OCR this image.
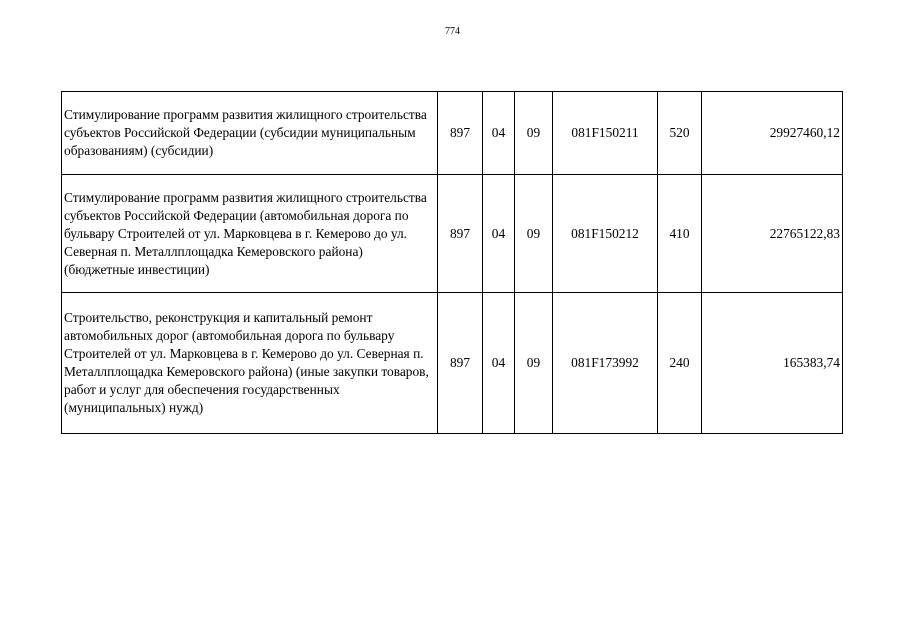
774
Стимулирование программ развития жилищного строительства субъектов Российской Федерации (субсидии муниципальным образованиям) (субсидии)	897	04	09	081F150211	520	29927460,12
Стимулирование программ развития жилищного строительства субъектов Российской Федерации (автомобильная дорога по бульвару Строителей от ул. Марковцева в г. Кемерово до ул. Северная п. Металлплощадка Кемеровского района) (бюджетные инвестиции)	897	04	09	081F150212	410	22765122,83
Строительство, реконструкция и капитальный ремонт автомобильных дорог (автомобильная дорога по бульвару Строителей от ул. Марковцева в г. Кемерово до ул. Северная п. Металлплощадка Кемеровского района) (иные закупки товаров, работ и услуг для обеспечения государственных (муниципальных) нужд)	897	04	09	081F173992	240	165383,74
